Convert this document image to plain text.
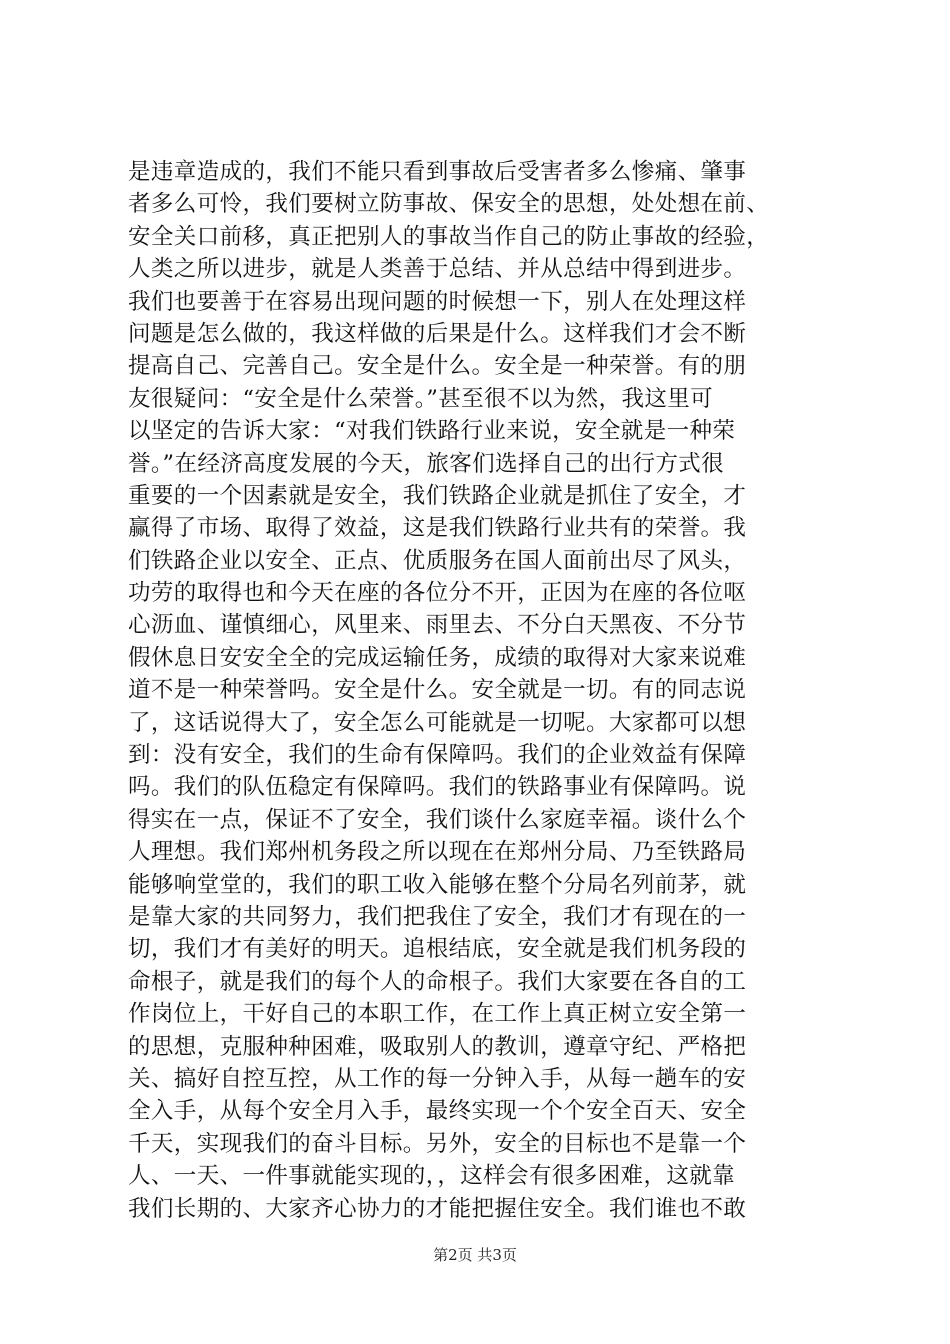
是违章造成的，我们不能只看到事故后受害者多么惨痛、肇事
者多么可怜，我们要树立防事故、保安全的思想，处处想在前、
安全关口前移，真正把别人的事故当作自己的防止事故的经验，
人类之所以进步，就是人类善于总结、并从总结中得到进步。
我们也要善于在容易出现问题的时候想一下，别人在处理这样
问题是怎么做的，我这样做的后果是什么。这样我们才会不断
提高自己、完善自己。安全是什么。安全是一种荣誉。有的朋
友很疑问：“安全是什么荣誉。”甚至很不以为然，我这里可
以坚定的告诉大家：“对我们铁路行业来说，安全就是一种荣
誉。”在经济高度发展的今天，旅客们选择自己的出行方式很
重要的一个因素就是安全，我们铁路企业就是抓住了安全，才
赢得了市场、取得了效益，这是我们铁路行业共有的荣誉。我
们铁路企业以安全、正点、优质服务在国人面前出尽了风头，
功劳的取得也和今天在座的各位分不开，正因为在座的各位呕
心沥血、谨慎细心，风里来、雨里去、不分白天黑夜、不分节
假休息日安安全全的完成运输任务，成绩的取得对大家来说难
道不是一种荣誉吗。安全是什么。安全就是一切。有的同志说
了，这话说得大了，安全怎么可能就是一切呢。大家都可以想
到：没有安全，我们的生命有保障吗。我们的企业效益有保障
吗。我们的队伍稳定有保障吗。我们的铁路事业有保障吗。说
得实在一点，保证不了安全，我们谈什么家庭幸福。谈什么个
人理想。我们郑州机务段之所以现在在郑州分局、乃至铁路局
能够响堂堂的，我们的职工收入能够在整个分局名列前茅，就
是靠大家的共同努力，我们把我住了安全，我们才有现在的一
切，我们才有美好的明天。追根结底，安全就是我们机务段的
命根子，就是我们的每个人的命根子。我们大家要在各自的工
作岗位上，干好自己的本职工作，在工作上真正树立安全第一
的思想，克服种种困难，吸取别人的教训，遵章守纪、严格把
关、搞好自控互控，从工作的每一分钟入手，从每一趟车的安
全入手，从每个安全月入手，最终实现一个个安全百天、安全
千天，实现我们的奋斗目标。另外，安全的目标也不是靠一个
人、一天、一件事就能实现的，，这样会有很多困难，这就靠
我们长期的、大家齐心协力的才能把握住安全。我们谁也不敢
第2页 共3页
